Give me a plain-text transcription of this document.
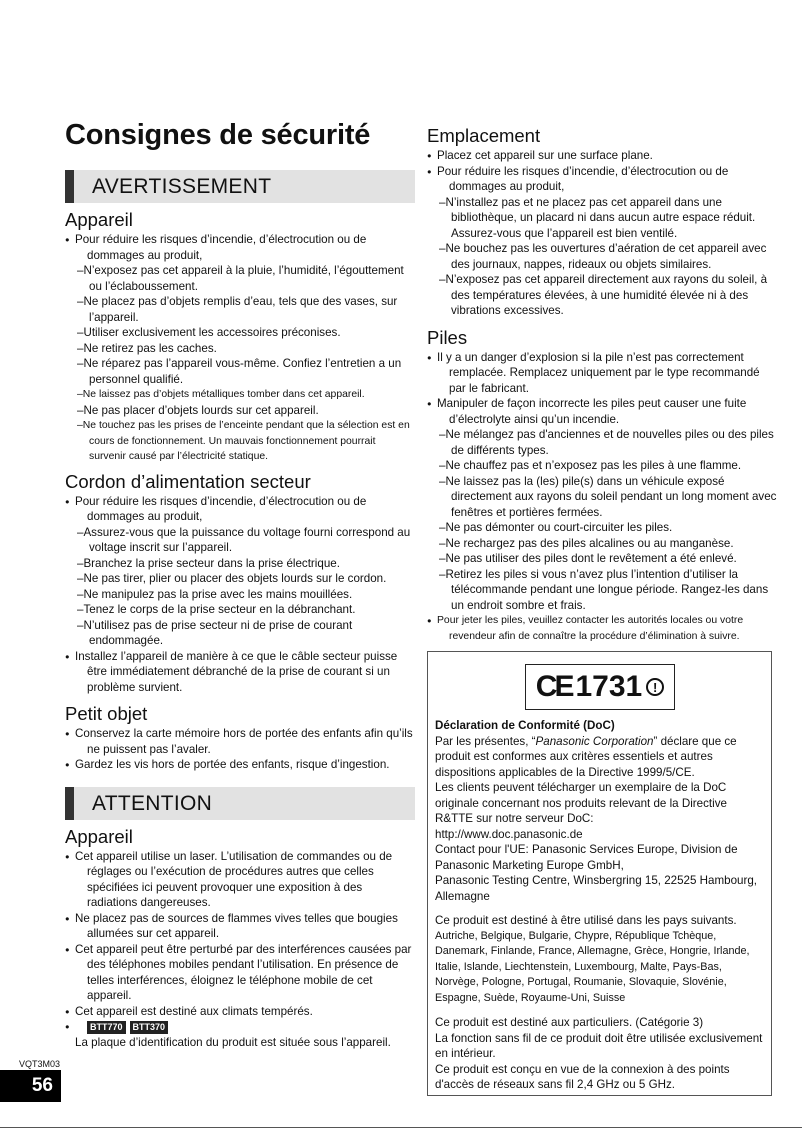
Consignes de sécurité
AVERTISSEMENT
Appareil
● Pour réduire les risques d’incendie, d’électrocution ou de dommages au produit,
– N’exposez pas cet appareil à la pluie, l’humidité, l’égouttement ou l’éclaboussement.
– Ne placez pas d’objets remplis d’eau, tels que des vases, sur l’appareil.
– Utiliser exclusivement les accessoires préconises.
– Ne retirez pas les caches.
– Ne réparez pas l’appareil vous-même. Confiez l’entretien a un personnel qualifié.
– Ne laissez pas d’objets métalliques tomber dans cet appareil.
– Ne pas placer d’objets lourds sur cet appareil.
– Ne touchez pas les prises de l’enceinte pendant que la sélection est en cours de fonctionnement. Un mauvais fonctionnement pourrait survenir causé par l’électricité statique.
Cordon d’alimentation secteur
● Pour réduire les risques d’incendie, d’électrocution ou de dommages au produit,
– Assurez-vous que la puissance du voltage fourni correspond au voltage inscrit sur l’appareil.
– Branchez la prise secteur dans la prise électrique.
– Ne pas tirer, plier ou placer des objets lourds sur le cordon.
– Ne manipulez pas la prise avec les mains mouillées.
– Tenez le corps de la prise secteur en la débranchant.
– N’utilisez pas de prise secteur ni de prise de courant endommagée.
● Installez l’appareil de manière à ce que le câble secteur puisse être immédiatement débranché de la prise de courant si un problème survient.
Petit objet
● Conservez la carte mémoire hors de portée des enfants afin qu’ils ne puissent pas l’avaler.
● Gardez les vis hors de portée des enfants, risque d’ingestion.
ATTENTION
Appareil
● Cet appareil utilise un laser. L’utilisation de commandes ou de réglages ou l’exécution de procédures autres que celles spécifiées ici peuvent provoquer une exposition à des radiations dangereuses.
● Ne placez pas de sources de flammes vives telles que bougies allumées sur cet appareil.
● Cet appareil peut être perturbé par des interférences causées par des téléphones mobiles pendant l’utilisation. En présence de telles interférences, éloignez le téléphone mobile de cet appareil.
● Cet appareil est destiné aux climats tempérés.
● BTT770 BTT370
La plaque d’identification du produit est située sous l’appareil.
Emplacement
● Placez cet appareil sur une surface plane.
● Pour réduire les risques d’incendie, d’électrocution ou de dommages au produit,
– N’installez pas et ne placez pas cet appareil dans une bibliothèque, un placard ni dans aucun autre espace réduit. Assurez-vous que l’appareil est bien ventilé.
– Ne bouchez pas les ouvertures d’aération de cet appareil avec des journaux, nappes, rideaux ou objets similaires.
– N’exposez pas cet appareil directement aux rayons du soleil, à des températures élevées, à une humidité élevée ni à des vibrations excessives.
Piles
● Il y a un danger d’explosion si la pile n’est pas correctement remplacée. Remplacez uniquement par le type recommandé par le fabricant.
● Manipuler de façon incorrecte les piles peut causer une fuite d’électrolyte ainsi qu’un incendie.
– Ne mélangez pas d'anciennes et de nouvelles piles ou des piles de différents types.
– Ne chauffez pas et n’exposez pas les piles à une flamme.
– Ne laissez pas la (les) pile(s) dans un véhicule exposé directement aux rayons du soleil pendant un long moment avec fenêtres et portières fermées.
– Ne pas démonter ou court-circuiter les piles.
– Ne rechargez pas des piles alcalines ou au manganèse.
– Ne pas utiliser des piles dont le revêtement a été enlevé.
– Retirez les piles si vous n’avez plus l’intention d’utiliser la télécommande pendant une longue période. Rangez-les dans un endroit sombre et frais.
● Pour jeter les piles, veuillez contacter les autorités locales ou votre revendeur afin de connaître la procédure d’élimination à suivre.
CE 1731 !

Déclaration de Conformité (DoC)

Par les présentes, “Panasonic Corporation” déclare que ce produit est conformes aux critères essentiels et autres dispositions applicables de la Directive 1999/5/CE.

Les clients peuvent télécharger un exemplaire de la DoC originale concernant nos produits relevant de la Directive R&TTE sur notre serveur DoC:

http://www.doc.panasonic.de

Contact pour l'UE: Panasonic Services Europe, Division de Panasonic Marketing Europe GmbH,

Panasonic Testing Centre, Winsbergring 15, 22525 Hambourg, Allemagne

Ce produit est destiné à être utilisé dans les pays suivants.

Autriche, Belgique, Bulgarie, Chypre, République Tchèque, Danemark, Finlande, France, Allemagne, Grèce, Hongrie, Irlande, Italie, Islande, Liechtenstein, Luxembourg, Malte, Pays-Bas, Norvège, Pologne, Portugal, Roumanie, Slovaquie, Slovénie, Espagne, Suède, Royaume-Uni, Suisse

Ce produit est destiné aux particuliers. (Catégorie 3)

La fonction sans fil de ce produit doit être utilisée exclusivement en intérieur.

Ce produit est conçu en vue de la connexion à des points d'accès de réseaux sans fil 2,4 GHz ou 5 GHz.

VQT3M03
56
